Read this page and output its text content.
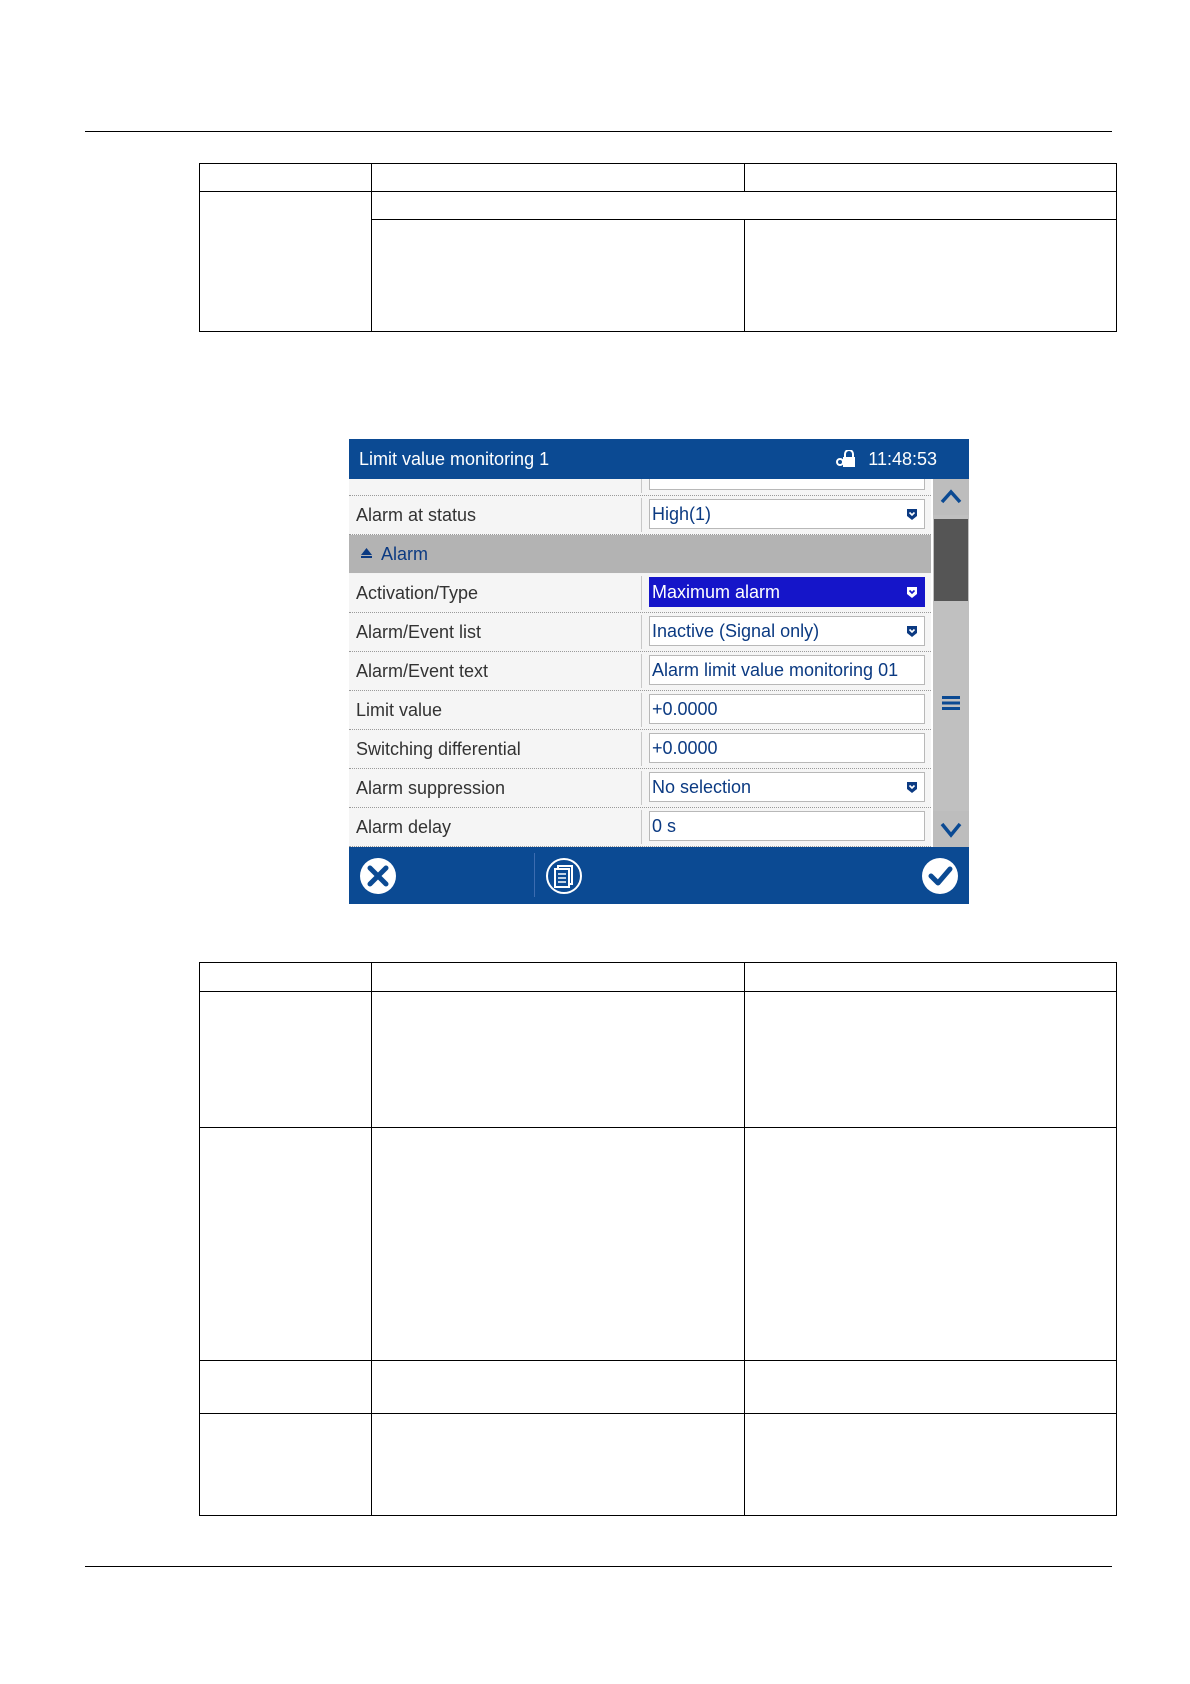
Limit value monitoring 1	11:48:53
Alarm at status	High(1)
Alarm
Activation/Type	Maximum alarm
Alarm/Event list	Inactive (Signal only)
Alarm/Event text	Alarm limit value monitoring 01
Limit value	+0.0000
Switching differential	+0.0000
Alarm suppression	No selection
Alarm delay	0 s
